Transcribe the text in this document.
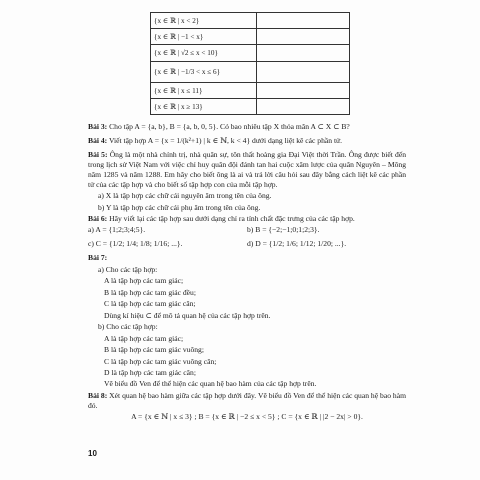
{x ∈ ℝ | x < 2}	
{x ∈ ℝ | −1 < x}	
{x ∈ ℝ | √2 ≤ x < 10}	
{x ∈ ℝ | −1/3 < x ≤ 6}	
{x ∈ ℝ | x ≤ 11}	
{x ∈ ℝ | x ≥ 13}	
Bài 3: Cho tập A = {a, b}, B = {a, b, 0, 5}. Có bao nhiêu tập X thỏa mãn A ⊂ X ⊂ B?
Bài 4: Viết tập hợp A = {x = 1/(k²+1) | k ∈ ℕ, k < 4} dưới dạng liệt kê các phần tử.
Bài 5: Ông là một nhà chính trị, nhà quân sự, tôn thất hoàng gia Đại Việt thời Trần. Ông được biết đến trong lịch sử Việt Nam với việc chỉ huy quân đội đánh tan hai cuộc xâm lược của quân Nguyên – Mông năm 1285 và năm 1288. Em hãy cho biết ông là ai và trả lời câu hỏi sau đây bằng cách liệt kê các phần tử của các tập hợp và cho biết số tập hợp con của mỗi tập hợp.
a) X là tập hợp các chữ cái nguyên âm trong tên của ông.
b) Y là tập hợp các chữ cái phụ âm trong tên của ông.
Bài 6: Hãy viết lại các tập hợp sau dưới dạng chỉ ra tính chất đặc trưng của các tập hợp.
a) A = {1;2;3;4;5}.	b) B = {−2;−1;0;1;2;3}.
c) C = {1/2; 1/4; 1/8; 1/16; ...}.	d) D = {1/2; 1/6; 1/12; 1/20; ...}.
Bài 7:
a) Cho các tập hợp:
A là tập hợp các tam giác;
B là tập hợp các tam giác đều;
C là tập hợp các tam giác cân;
Dùng kí hiệu ⊂ để mô tả quan hệ của các tập hợp trên.
b) Cho các tập hợp:
A là tập hợp các tam giác;
B là tập hợp các tam giác vuông;
C là tập hợp các tam giác vuông cân;
D là tập hợp các tam giác cân;
Vẽ biểu đồ Ven để thể hiện các quan hệ bao hàm của các tập hợp trên.
Bài 8: Xét quan hệ bao hàm giữa các tập hợp dưới đây. Vẽ biểu đồ Ven để thể hiện các quan hệ bao hàm đó.
A = {x ∈ ℕ | x ≤ 3} ; B = {x ∈ ℝ | −2 ≤ x < 5} ; C = {x ∈ ℝ | |2 − 2x| > 0}.
10
